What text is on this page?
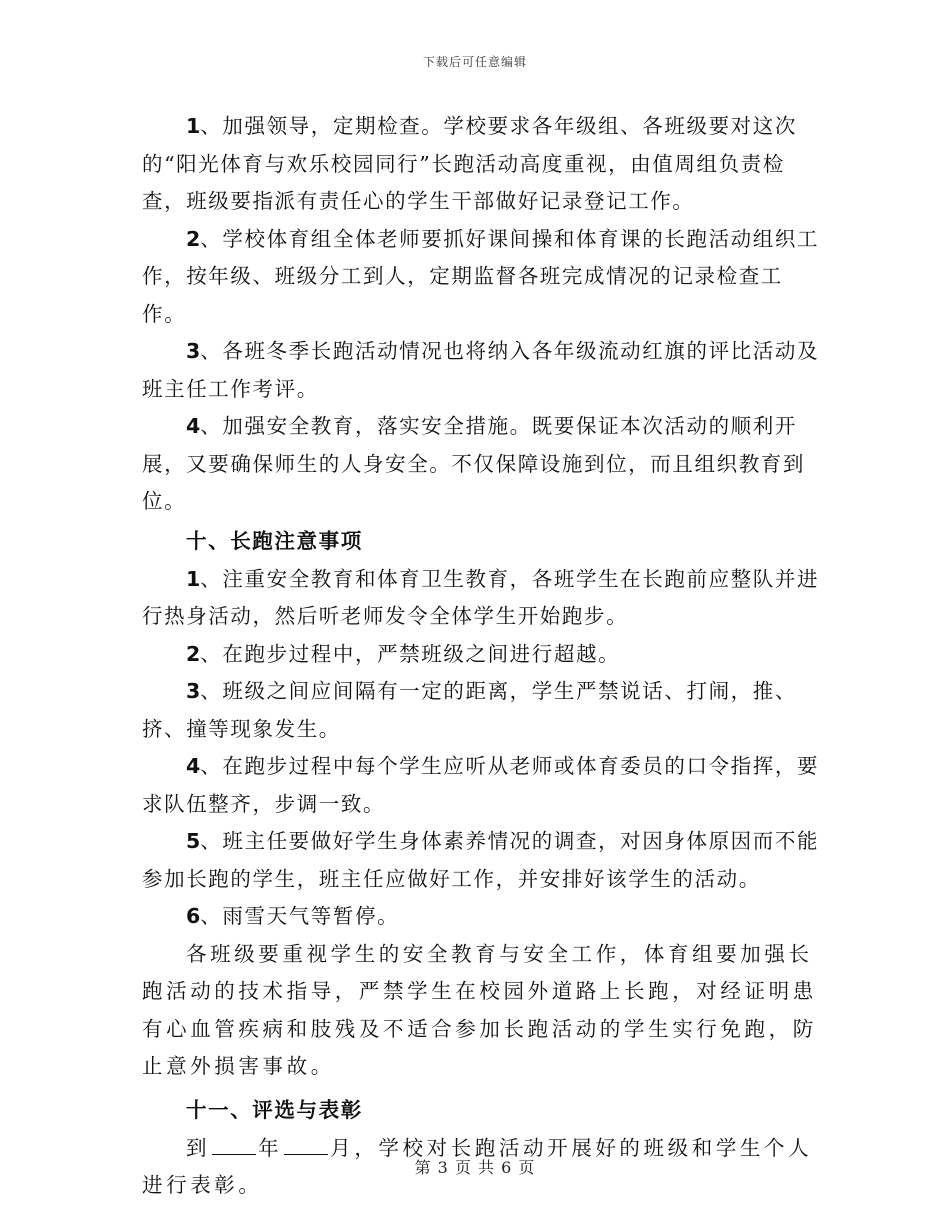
下载后可任意编辑

1、加强领导，定期检查。学校要求各年级组、各班级要对这次的“阳光体育与欢乐校园同行”长跑活动高度重视，由值周组负责检查，班级要指派有责任心的学生干部做好记录登记工作。

2、学校体育组全体老师要抓好课间操和体育课的长跑活动组织工作，按年级、班级分工到人，定期监督各班完成情况的记录检查工作。

3、各班冬季长跑活动情况也将纳入各年级流动红旗的评比活动及班主任工作考评。

4、加强安全教育，落实安全措施。既要保证本次活动的顺利开展，又要确保师生的人身安全。不仅保障设施到位，而且组织教育到位。

十、长跑注意事项

1、注重安全教育和体育卫生教育，各班学生在长跑前应整队并进行热身活动，然后听老师发令全体学生开始跑步。

2、在跑步过程中，严禁班级之间进行超越。

3、班级之间应间隔有一定的距离，学生严禁说话、打闹，推、挤、撞等现象发生。

4、在跑步过程中每个学生应听从老师或体育委员的口令指挥，要求队伍整齐，步调一致。

5、班主任要做好学生身体素养情况的调查，对因身体原因而不能参加长跑的学生，班主任应做好工作，并安排好该学生的活动。

6、雨雪天气等暂停。

各班级要重视学生的安全教育与安全工作，体育组要加强长跑活动的技术指导，严禁学生在校园外道路上长跑，对经证明患有心血管疾病和肢残及不适合参加长跑活动的学生实行免跑，防止意外损害事故。

十一、评选与表彰

到 年 月，学校对长跑活动开展好的班级和学生个人进行表彰。

第 3 页 共 6 页
